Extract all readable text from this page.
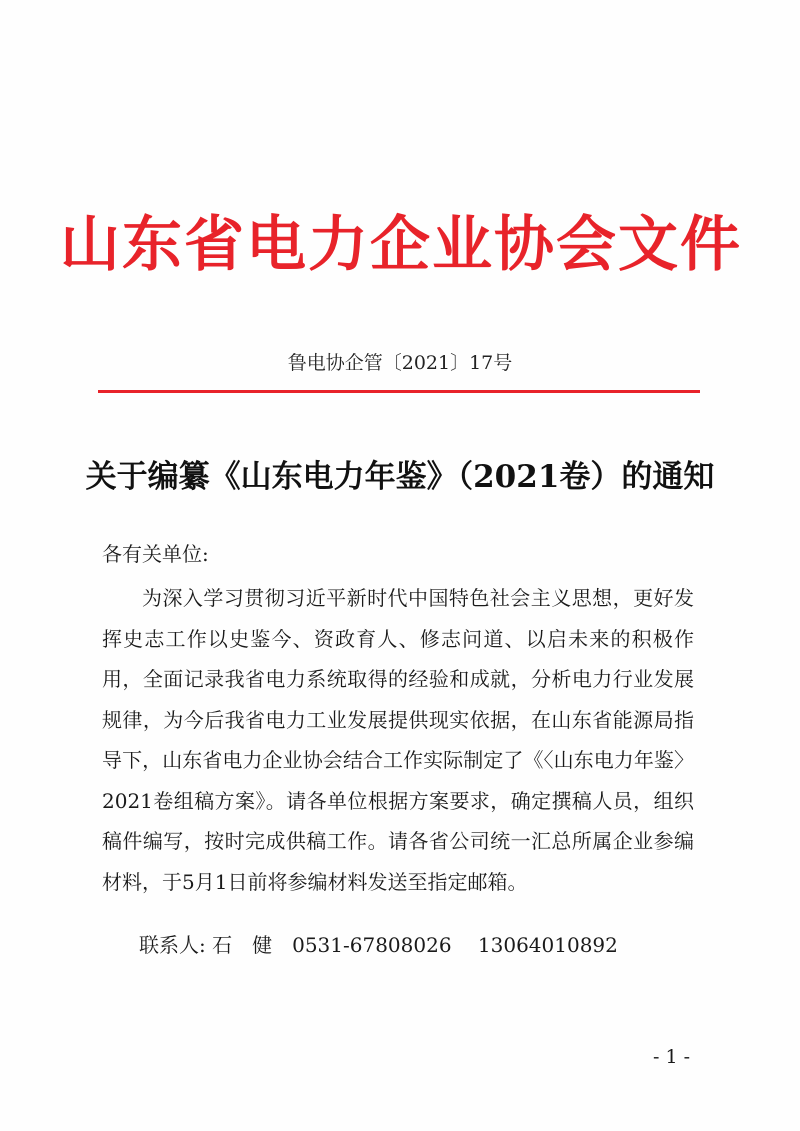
山东省电力企业协会文件
鲁电协企管〔2021〕17号
关于编纂《山东电力年鉴》（2021卷）的通知
各有关单位:
为深入学习贯彻习近平新时代中国特色社会主义思想，更好发挥史志工作以史鉴今、资政育人、修志问道、以启未来的积极作用，全面记录我省电力系统取得的经验和成就，分析电力行业发展规律，为今后我省电力工业发展提供现实依据，在山东省能源局指导下，山东省电力企业协会结合工作实际制定了《〈山东电力年鉴〉2021卷组稿方案》。请各单位根据方案要求，确定撰稿人员，组织稿件编写，按时完成供稿工作。请各省公司统一汇总所属企业参编材料，于5月1日前将参编材料发送至指定邮箱。
联系人: 石　健　0531-67808026　 13064010892
- 1 -
